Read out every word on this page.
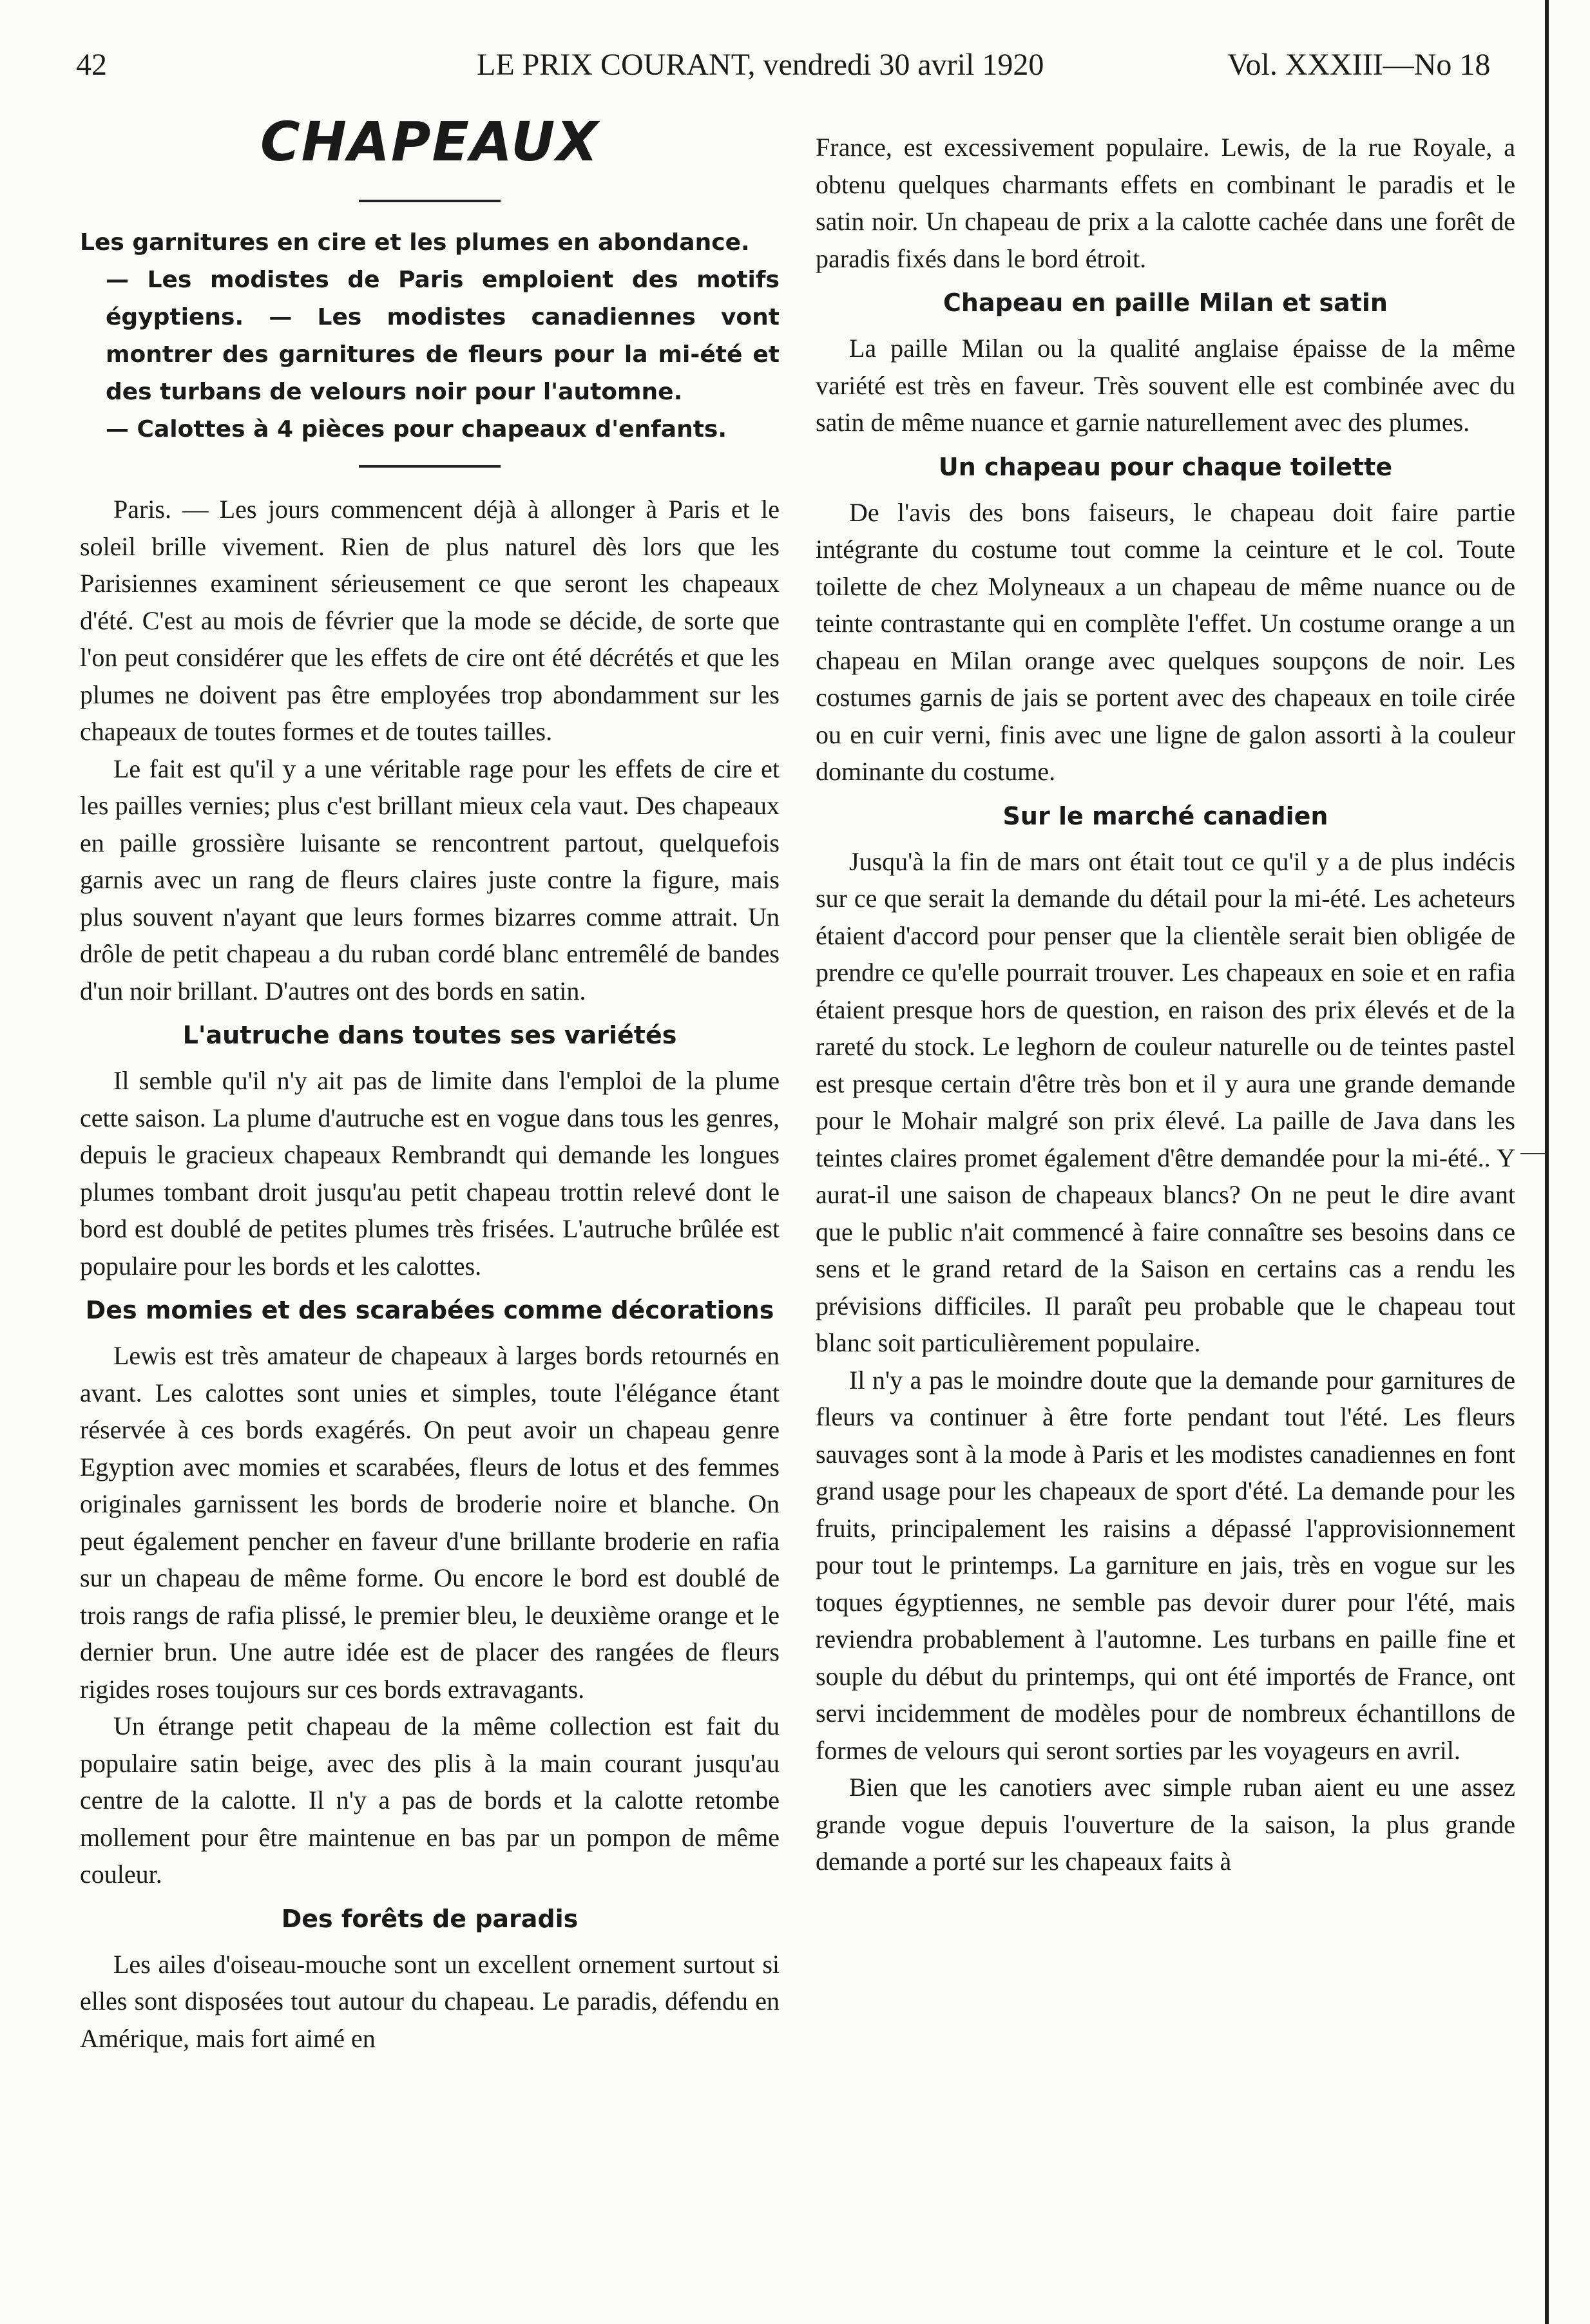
42	LE PRIX COURANT, vendredi 30 avril 1920	Vol. XXXIII—No 18
CHAPEAUX
Les garnitures en cire et les plumes en abondance.
— Les modistes de Paris emploient des motifs égyptiens. — Les modistes canadiennes vont montrer des garnitures de fleurs pour la mi-été et des turbans de velours noir pour l'automne.
— Calottes à 4 pièces pour chapeaux d'enfants.

Paris. — Les jours commencent déjà à allonger à Paris et le soleil brille vivement. Rien de plus naturel dès lors que les Parisiennes examinent sérieusement ce que seront les chapeaux d'été. C'est au mois de février que la mode se décide, de sorte que l'on peut considérer que les effets de cire ont été décrétés et que les plumes ne doivent pas être employées trop abondamment sur les chapeaux de toutes formes et de toutes tailles.

Le fait est qu'il y a une véritable rage pour les effets de cire et les pailles vernies; plus c'est brillant mieux cela vaut. Des chapeaux en paille grossière luisante se rencontrent partout, quelquefois garnis avec un rang de fleurs claires juste contre la figure, mais plus souvent n'ayant que leurs formes bizarres comme attrait. Un drôle de petit chapeau a du ruban cordé blanc entremêlé de bandes d'un noir brillant. D'autres ont des bords en satin.

L'autruche dans toutes ses variétés

Il semble qu'il n'y ait pas de limite dans l'emploi de la plume cette saison. La plume d'autruche est en vogue dans tous les genres, depuis le gracieux chapeaux Rembrandt qui demande les longues plumes tombant droit jusqu'au petit chapeau trottin relevé dont le bord est doublé de petites plumes très frisées. L'autruche brûlée est populaire pour les bords et les calottes.

Des momies et des scarabées comme décorations

Lewis est très amateur de chapeaux à larges bords retournés en avant. Les calottes sont unies et simples, toute l'élégance étant réservée à ces bords exagérés. On peut avoir un chapeau genre Egyption avec momies et scarabées, fleurs de lotus et des femmes originales garnissent les bords de broderie noire et blanche. On peut également pencher en faveur d'une brillante broderie en rafia sur un chapeau de même forme. Ou encore le bord est doublé de trois rangs de rafia plissé, le premier bleu, le deuxième orange et le dernier brun. Une autre idée est de placer des rangées de fleurs rigides roses toujours sur ces bords extravagants.

Un étrange petit chapeau de la même collection est fait du populaire satin beige, avec des plis à la main courant jusqu'au centre de la calotte. Il n'y a pas de bords et la calotte retombe mollement pour être maintenue en bas par un pompon de même couleur.

Des forêts de paradis

Les ailes d'oiseau-mouche sont un excellent ornement surtout si elles sont disposées tout autour du chapeau. Le paradis, défendu en Amérique, mais fort aimé en

France, est excessivement populaire. Lewis, de la rue Royale, a obtenu quelques charmants effets en combinant le paradis et le satin noir. Un chapeau de prix a la calotte cachée dans une forêt de paradis fixés dans le bord étroit.

Chapeau en paille Milan et satin

La paille Milan ou la qualité anglaise épaisse de la même variété est très en faveur. Très souvent elle est combinée avec du satin de même nuance et garnie naturellement avec des plumes.

Un chapeau pour chaque toilette

De l'avis des bons faiseurs, le chapeau doit faire partie intégrante du costume tout comme la ceinture et le col. Toute toilette de chez Molyneaux a un chapeau de même nuance ou de teinte contrastante qui en complète l'effet. Un costume orange a un chapeau en Milan orange avec quelques soupçons de noir. Les costumes garnis de jais se portent avec des chapeaux en toile cirée ou en cuir verni, finis avec une ligne de galon assorti à la couleur dominante du costume.

Sur le marché canadien

Jusqu'à la fin de mars ont était tout ce qu'il y a de plus indécis sur ce que serait la demande du détail pour la mi-été. Les acheteurs étaient d'accord pour penser que la clientèle serait bien obligée de prendre ce qu'elle pourrait trouver. Les chapeaux en soie et en rafia étaient presque hors de question, en raison des prix élevés et de la rareté du stock. Le leghorn de couleur naturelle ou de teintes pastel est presque certain d'être très bon et il y aura une grande demande pour le Mohair malgré son prix élevé. La paille de Java dans les teintes claires promet également d'être demandée pour la mi-été.. Y aurat-il une saison de chapeaux blancs? On ne peut le dire avant que le public n'ait commencé à faire connaître ses besoins dans ce sens et le grand retard de la Saison en certains cas a rendu les prévisions difficiles. Il paraît peu probable que le chapeau tout blanc soit particulièrement populaire.

Il n'y a pas le moindre doute que la demande pour garnitures de fleurs va continuer à être forte pendant tout l'été. Les fleurs sauvages sont à la mode à Paris et les modistes canadiennes en font grand usage pour les chapeaux de sport d'été. La demande pour les fruits, principalement les raisins a dépassé l'approvisionnement pour tout le printemps. La garniture en jais, très en vogue sur les toques égyptiennes, ne semble pas devoir durer pour l'été, mais reviendra probablement à l'automne. Les turbans en paille fine et souple du début du printemps, qui ont été importés de France, ont servi incidemment de modèles pour de nombreux échantillons de formes de velours qui seront sorties par les voyageurs en avril.

Bien que les canotiers avec simple ruban aient eu une assez grande vogue depuis l'ouverture de la saison, la plus grande demande a porté sur les chapeaux faits à
